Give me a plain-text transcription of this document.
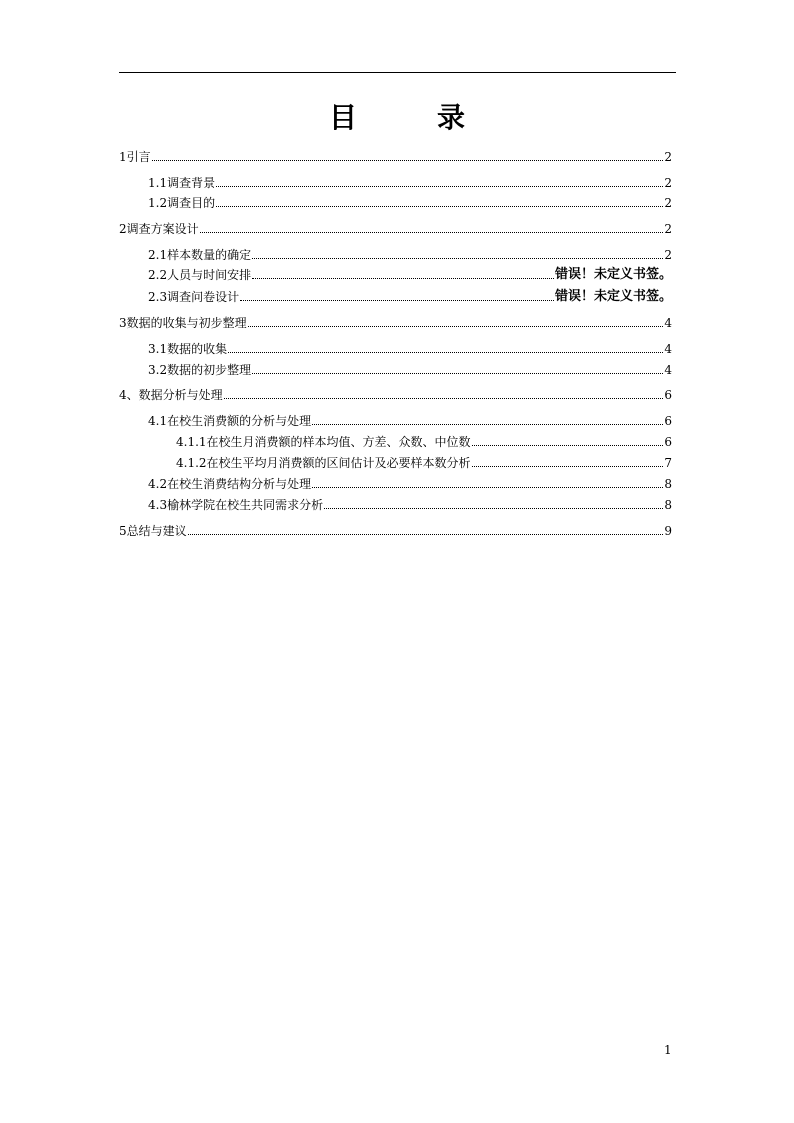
目　录
1 引言	2
1.1 调查背景	2
1.2 调查目的	2
2 调查方案设计	2
2.1 样本数量的确定	2
2.2 人员与时间安排	错误！未定义书签。
2.3 调查问卷设计	错误！未定义书签。
3 数据的收集与初步整理	4
3.1 数据的收集	4
3.2 数据的初步整理	4
4、 数据分析与处理	6
4.1 在校生消费额的分析与处理	6
4.1.1 在校生月消费额的样本均值、方差、众数、中位数	6
4.1.2 在校生平均月消费额的区间估计及必要样本数分析	7
4.2 在校生消费结构分析与处理	8
4.3 榆林学院在校生共同需求分析	8
5 总结与建议	9
1
